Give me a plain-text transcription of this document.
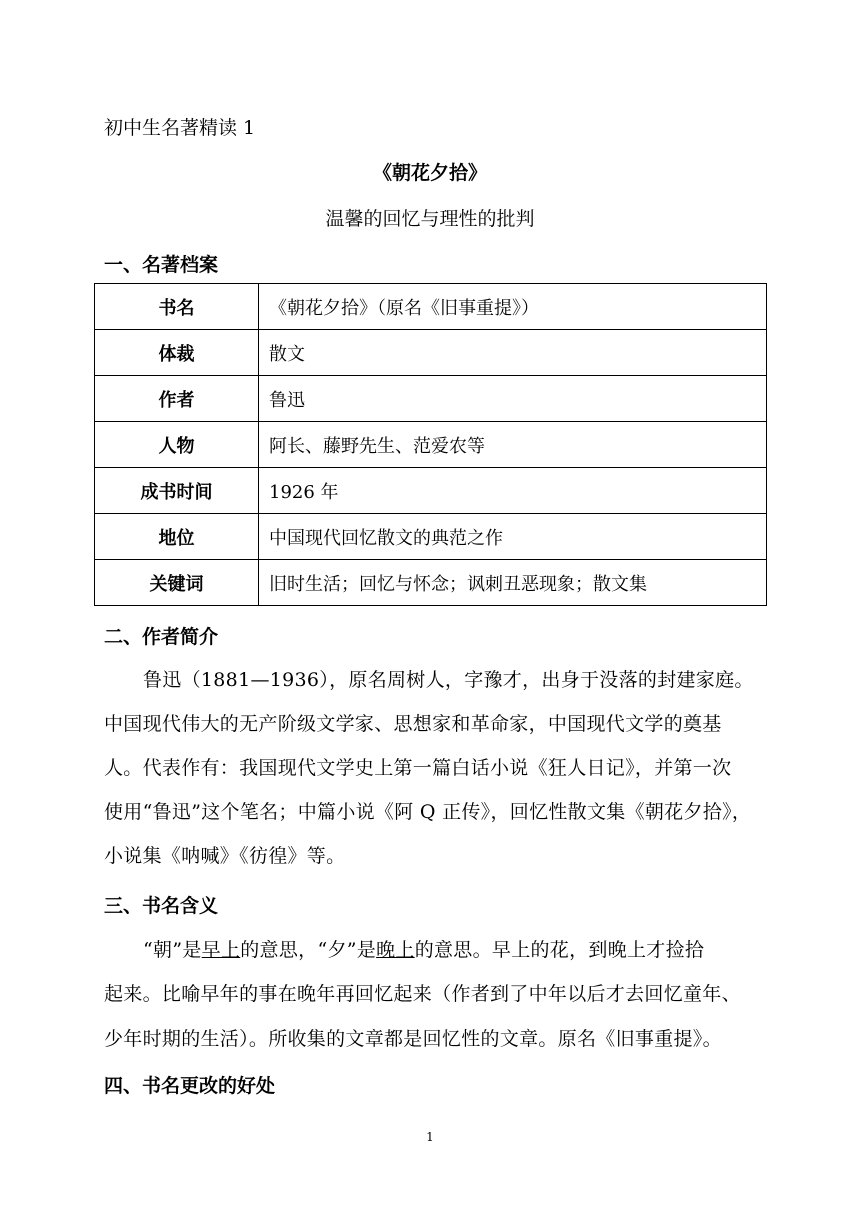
初中生名著精读 1
《朝花夕拾》
温馨的回忆与理性的批判
一、名著档案
书名	《朝花夕拾》（原名《旧事重提》）
体裁	散文
作者	鲁迅
人物	阿长、藤野先生、范爱农等
成书时间	1926 年
地位	中国现代回忆散文的典范之作
关键词	旧时生活；回忆与怀念；讽刺丑恶现象；散文集
二、作者简介
鲁迅（1881—1936），原名周树人，字豫才，出身于没落的封建家庭。
中国现代伟大的无产阶级文学家、思想家和革命家，中国现代文学的奠基
人。代表作有：我国现代文学史上第一篇白话小说《狂人日记》，并第一次
使用“鲁迅”这个笔名；中篇小说《阿 Q 正传》，回忆性散文集《朝花夕拾》，
小说集《呐喊》《彷徨》等。
三、书名含义
“朝”是早上的意思，“夕”是晚上的意思。早上的花，到晚上才捡拾
起来。比喻早年的事在晚年再回忆起来（作者到了中年以后才去回忆童年、
少年时期的生活）。所收集的文章都是回忆性的文章。原名《旧事重提》。
四、书名更改的好处
1
